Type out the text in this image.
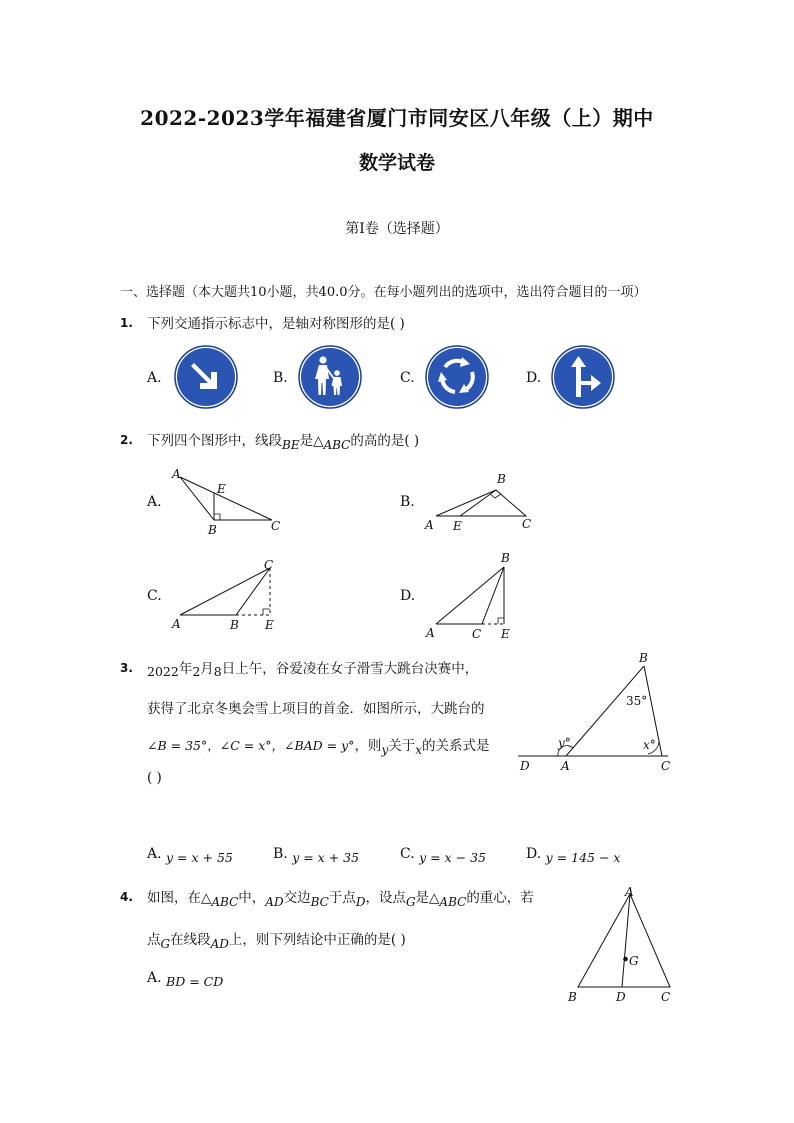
2022-2023学年福建省厦门市同安区八年级（上）期中
数学试卷
第Ⅰ卷（选择题）
一、选择题（本大题共10小题，共40.0分。在每小题列出的选项中，选出符合题目的一项）
1. 下列交通指示标志中，是轴对称图形的是( )
A.	B.	C.	D.
2. 下列四个图形中，线段BE是△ABC的高的是( )
A.
A
E
B	C
B.
B
A E	C
C.
C
A	B E
D.
B
A	C E
3. 2022年2月8日上午，谷爱凌在女子滑雪大跳台决赛中，
获得了北京冬奥会雪上项目的首金．如图所示，大跳台的
∠B = 35°，∠C = x°，∠BAD = y°，则y关于x的关系式是
( )
B
35°
y°	x°
D	A	C
A. y = x + 55	B. y = x + 35	C. y = x − 35	D. y = 145 − x
4. 如图，在△ABC中，AD交边BC于点D，设点G是△ABC的重心，若
点G在线段AD上，则下列结论中正确的是( )
A. BD = CD
A
G
B	D	C
